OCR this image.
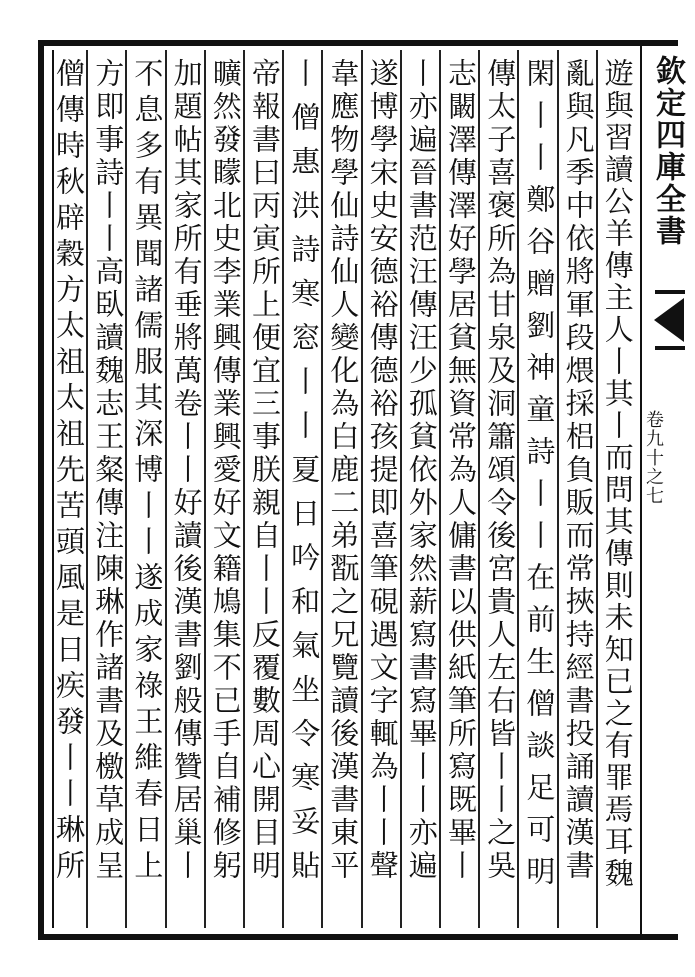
欽定四庫全書
卷九十之七
遊與習讀公羊傳主人丨其丨而問其傳則未知已之有罪焉耳魏
亂與凡季中依將軍段煨採梠負販而常挾持經書投誦讀漢書
閑丨丨鄭谷贈劉神童詩丨丨在前生僧談足可明
傳太子喜褒所為甘泉及洞簫頌令後宮貴人左右皆丨丨之吳
志闞澤傳澤好學居貧無資常為人傭書以供紙筆所寫既畢丨
丨亦遍晉書范汪傳汪少孤貧依外家然薪寫書寫畢丨丨亦遍
遂博學宋史安德裕傳德裕孩提即喜筆硯遇文字輒為丨丨聲
韋應物學仙詩仙人變化為白鹿二弟翫之兄覽讀後漢書東平
丨僧惠洪詩寒窓丨丨夏日吟和氣坐令寒妥貼
帝報書曰丙寅所上便宜三事朕親自丨丨反覆數周心開目明
曠然發矇北史李業興傳業興愛好文籍鳩集不已手自補修躬
加題帖其家所有垂將萬卷丨丨好讀後漢書劉般傳贊居巢丨
不息多有異聞諸儒服其深博丨丨遂成家祿王維春日上
方即事詩丨丨高臥讀魏志王粲傳注陳琳作諸書及檄草成呈
僧傳時秋辟穀方太祖太祖先苦頭風是日疾發丨丨琳所
